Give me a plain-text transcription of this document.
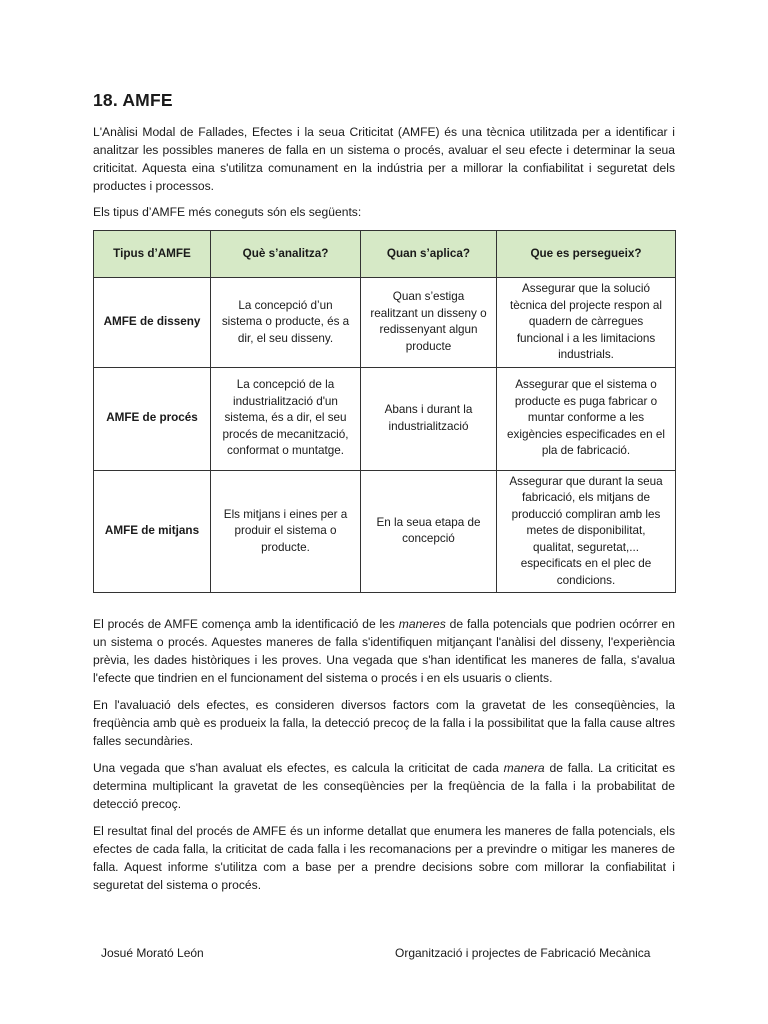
18. AMFE

L'Anàlisi Modal de Fallades, Efectes i la seua Criticitat (AMFE) és una tècnica utilitzada per a identificar i analitzar les possibles maneres de falla en un sistema o procés, avaluar el seu efecte i determinar la seua criticitat. Aquesta eina s'utilitza comunament en la indústria per a millorar la confiabilitat i seguretat dels productes i processos.

Els tipus d’AMFE més coneguts són els següents:

Tipus d’AMFE	Què s’analitza?	Quan s’aplica?	Que es persegueix?
AMFE de disseny	La concepció d’un sistema o producte, és a dir, el seu disseny.	Quan s’estiga realitzant un disseny o redissenyant algun producte	Assegurar que la solució tècnica del projecte respon al quadern de càrregues funcional i a les limitacions industrials.
AMFE de procés	La concepció de la industrialització d'un sistema, és a dir, el seu procés de mecanització, conformat o muntatge.	Abans i durant la industrialització	Assegurar que el sistema o producte es puga fabricar o muntar conforme a les exigències especificades en el pla de fabricació.
AMFE de mitjans	Els mitjans i eines per a produir el sistema o producte.	En la seua etapa de concepció	Assegurar que durant la seua fabricació, els mitjans de producció compliran amb les metes de disponibilitat, qualitat, seguretat,... especificats en el plec de condicions.

El procés de AMFE comença amb la identificació de les maneres de falla potencials que podrien ocórrer en un sistema o procés. Aquestes maneres de falla s'identifiquen mitjançant l'anàlisi del disseny, l'experiència prèvia, les dades històriques i les proves. Una vegada que s'han identificat les maneres de falla, s'avalua l'efecte que tindrien en el funcionament del sistema o procés i en els usuaris o clients.

En l'avaluació dels efectes, es consideren diversos factors com la gravetat de les conseqüències, la freqüència amb què es produeix la falla, la detecció precoç de la falla i la possibilitat que la falla cause altres falles secundàries.

Una vegada que s'han avaluat els efectes, es calcula la criticitat de cada manera de falla. La criticitat es determina multiplicant la gravetat de les conseqüències per la freqüència de la falla i la probabilitat de detecció precoç.

El resultat final del procés de AMFE és un informe detallat que enumera les maneres de falla potencials, els efectes de cada falla, la criticitat de cada falla i les recomanacions per a previndre o mitigar les maneres de falla. Aquest informe s'utilitza com a base per a prendre decisions sobre com millorar la confiabilitat i seguretat del sistema o procés.

Josué Morató León	Organització i projectes de Fabricació Mecànica
